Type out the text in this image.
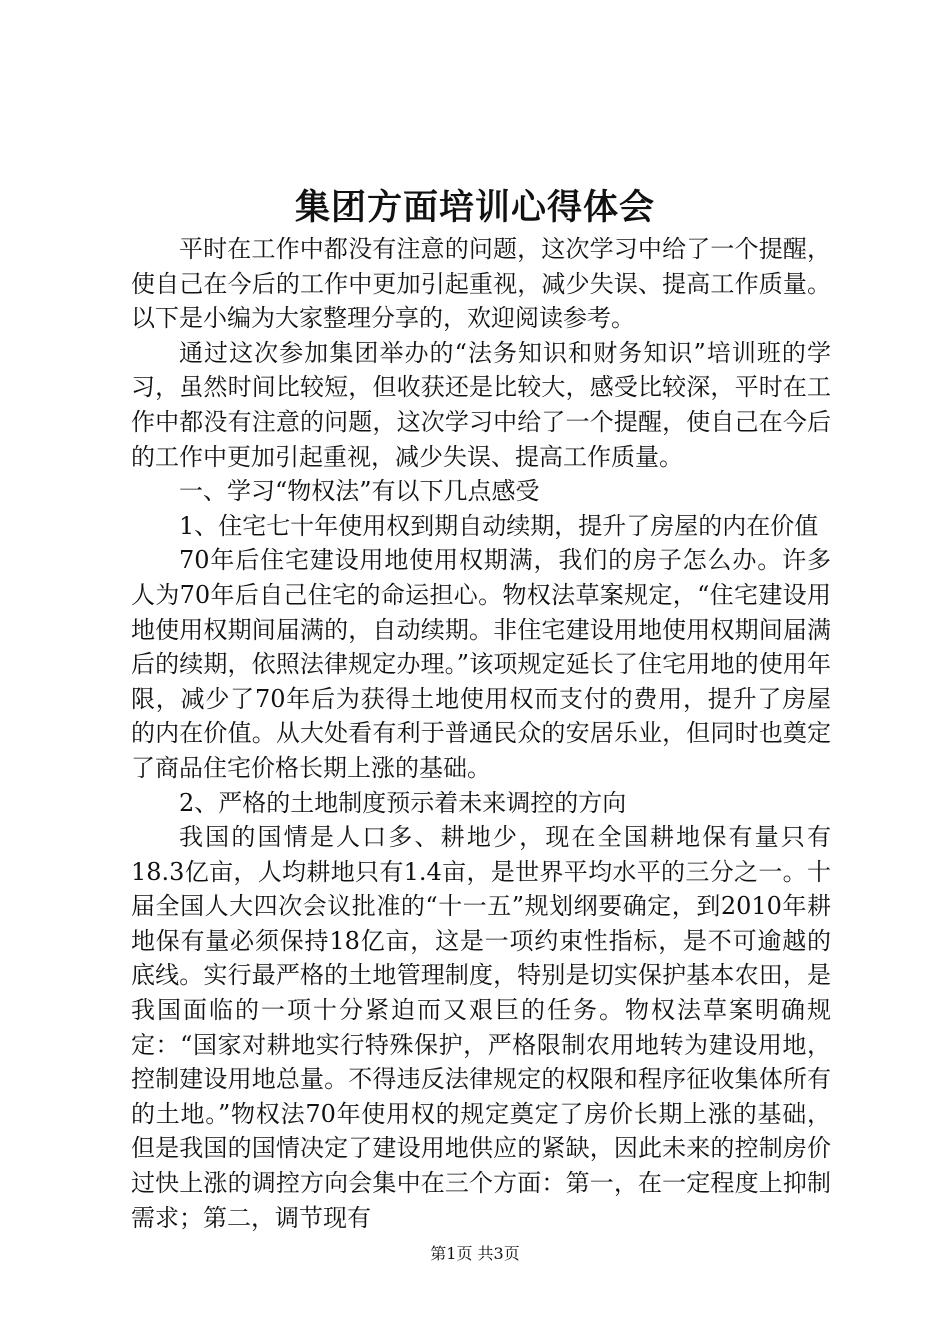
集团方面培训心得体会

平时在工作中都没有注意的问题，这次学习中给了一个提醒，使自己在今后的工作中更加引起重视，减少失误、提高工作质量。以下是小编为大家整理分享的，欢迎阅读参考。

通过这次参加集团举办的“法务知识和财务知识”培训班的学习，虽然时间比较短，但收获还是比较大，感受比较深，平时在工作中都没有注意的问题，这次学习中给了一个提醒，使自己在今后的工作中更加引起重视，减少失误、提高工作质量。

一、学习“物权法”有以下几点感受

1、住宅七十年使用权到期自动续期，提升了房屋的内在价值

70年后住宅建设用地使用权期满，我们的房子怎么办。许多人为70年后自己住宅的命运担心。物权法草案规定，“住宅建设用地使用权期间届满的，自动续期。非住宅建设用地使用权期间届满后的续期，依照法律规定办理。”该项规定延长了住宅用地的使用年限，减少了70年后为获得土地使用权而支付的费用，提升了房屋的内在价值。从大处看有利于普通民众的安居乐业，但同时也奠定了商品住宅价格长期上涨的基础。

2、严格的土地制度预示着未来调控的方向

我国的国情是人口多、耕地少，现在全国耕地保有量只有18.3亿亩，人均耕地只有1.4亩，是世界平均水平的三分之一。十届全国人大四次会议批准的“十一五”规划纲要确定，到2010年耕地保有量必须保持18亿亩，这是一项约束性指标，是不可逾越的底线。实行最严格的土地管理制度，特别是切实保护基本农田，是我国面临的一项十分紧迫而又艰巨的任务。物权法草案明确规定：“国家对耕地实行特殊保护，严格限制农用地转为建设用地，控制建设用地总量。不得违反法律规定的权限和程序征收集体所有的土地。”物权法70年使用权的规定奠定了房价长期上涨的基础，但是我国的国情决定了建设用地供应的紧缺，因此未来的控制房价过快上涨的调控方向会集中在三个方面：第一，在一定程度上抑制需求；第二，调节现有

第1页 共3页
